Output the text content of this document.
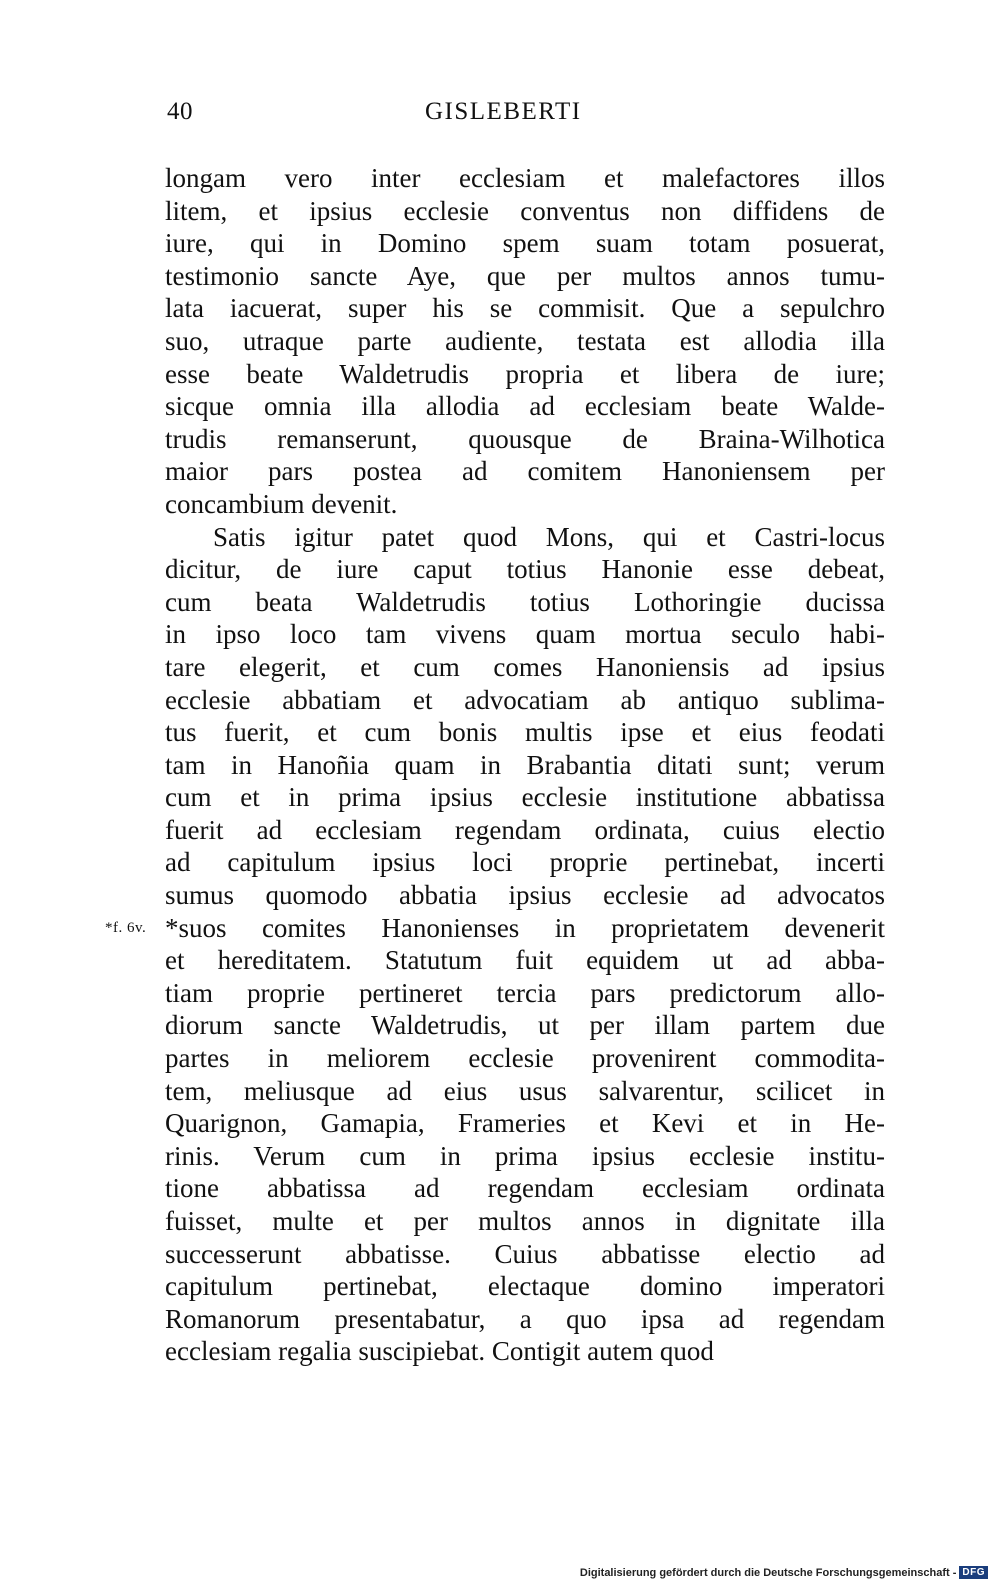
40	GISLEBERTI
longam vero inter ecclesiam et malefactores illos
litem, et ipsius ecclesie conventus non diffidens de
iure, qui in Domino spem suam totam posuerat,
testimonio sancte Aye, que per multos annos tumu-
lata iacuerat, super his se commisit. Que a sepulchro
suo, utraque parte audiente, testata est allodia illa
esse beate Waldetrudis propria et libera de iure;
sicque omnia illa allodia ad ecclesiam beate Walde-
trudis remanserunt, quousque de Braina-Wilhotica
maior pars postea ad comitem Hanoniensem per
concambium devenit.
Satis igitur patet quod Mons, qui et Castri-locus
dicitur, de iure caput totius Hanonie esse debeat,
cum beata Waldetrudis totius Lothoringie ducissa
in ipso loco tam vivens quam mortua seculo habi-
tare elegerit, et cum comes Hanoniensis ad ipsius
ecclesie abbatiam et advocatiam ab antiquo sublima-
tus fuerit, et cum bonis multis ipse et eius feodati
tam in Hanoñia quam in Brabantia ditati sunt; verum
cum et in prima ipsius ecclesie institutione abbatissa
fuerit ad ecclesiam regendam ordinata, cuius electio
ad capitulum ipsius loci proprie pertinebat, incerti
sumus quomodo abbatia ipsius ecclesie ad advocatos
*f. 6v. *suos comites Hanonienses in proprietatem devenerit
et hereditatem. Statutum fuit equidem ut ad abba-
tiam proprie pertineret tercia pars predictorum allo-
diorum sancte Waldetrudis, ut per illam partem due
partes in meliorem ecclesie provenirent commodita-
tem, meliusque ad eius usus salvarentur, scilicet in
Quarignon, Gamapia, Frameries et Kevi et in He-
rinis. Verum cum in prima ipsius ecclesie institu-
tione abbatissa ad regendam ecclesiam ordinata
fuisset, multe et per multos annos in dignitate illa
successerunt abbatisse. Cuius abbatisse electio ad
capitulum pertinebat, electaque domino imperatori
Romanorum presentabatur, a quo ipsa ad regendam
ecclesiam regalia suscipiebat. Contigit autem quod
Digitalisierung gefördert durch die Deutsche Forschungsgemeinschaft - DFG
